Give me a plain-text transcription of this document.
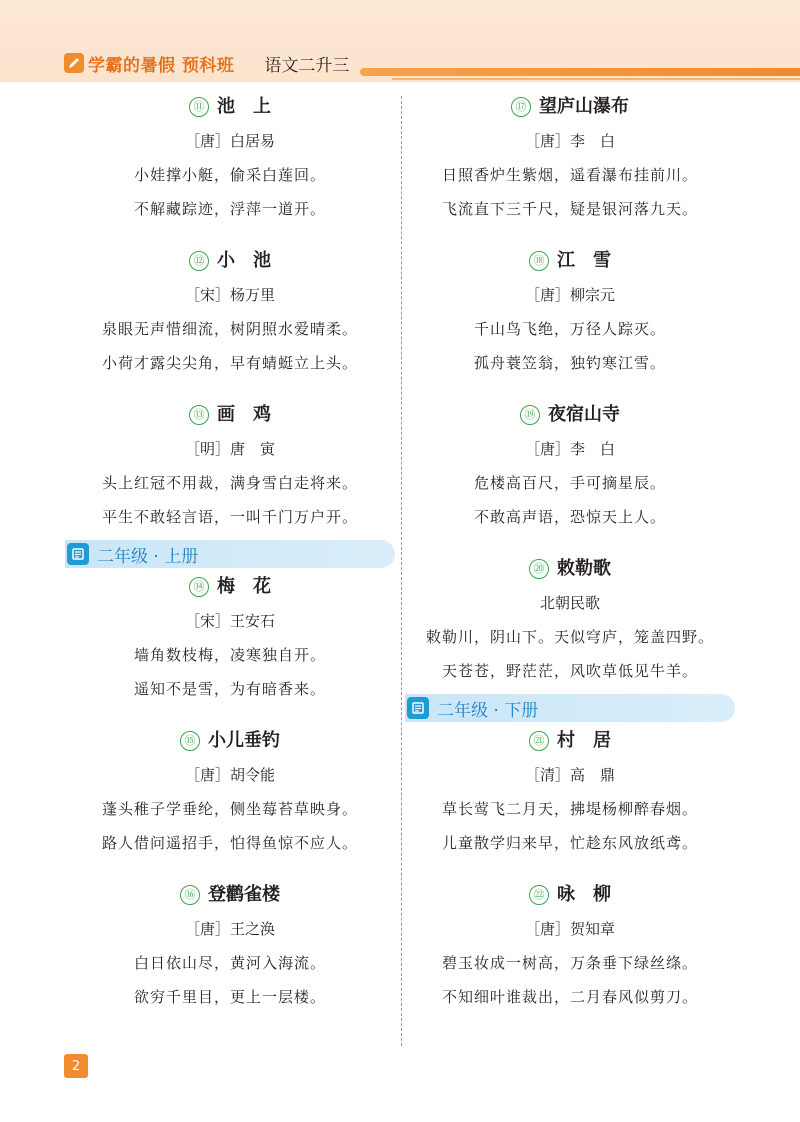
学霸的暑假 预科班 语文二升三
⑪ 池　上
［唐］白居易
小娃撑小艇，偷采白莲回。
不解藏踪迹，浮萍一道开。
⑫ 小　池
［宋］杨万里
泉眼无声惜细流，树阴照水爱晴柔。
小荷才露尖尖角，早有蜻蜓立上头。
⑬ 画　鸡
［明］唐　寅
头上红冠不用裁，满身雪白走将来。
平生不敢轻言语，一叫千门万户开。
二年级 · 上册
⑭ 梅　花
［宋］王安石
墙角数枝梅，凌寒独自开。
遥知不是雪，为有暗香来。
⑮ 小儿垂钓
［唐］胡令能
蓬头稚子学垂纶，侧坐莓苔草映身。
路人借问遥招手，怕得鱼惊不应人。
⑯ 登鹳雀楼
［唐］王之涣
白日依山尽，黄河入海流。
欲穷千里目，更上一层楼。
⑰ 望庐山瀑布
［唐］李　白
日照香炉生紫烟，遥看瀑布挂前川。
飞流直下三千尺，疑是银河落九天。
⑱ 江　雪
［唐］柳宗元
千山鸟飞绝，万径人踪灭。
孤舟蓑笠翁，独钓寒江雪。
⑲ 夜宿山寺
［唐］李　白
危楼高百尺，手可摘星辰。
不敢高声语，恐惊天上人。
⑳ 敕勒歌
北朝民歌
敕勒川，阴山下。天似穹庐，笼盖四野。
天苍苍，野茫茫，风吹草低见牛羊。
二年级 · 下册
㉑ 村　居
［清］高　鼎
草长莺飞二月天，拂堤杨柳醉春烟。
儿童散学归来早，忙趁东风放纸鸢。
㉒ 咏　柳
［唐］贺知章
碧玉妆成一树高，万条垂下绿丝绦。
不知细叶谁裁出，二月春风似剪刀。
2
